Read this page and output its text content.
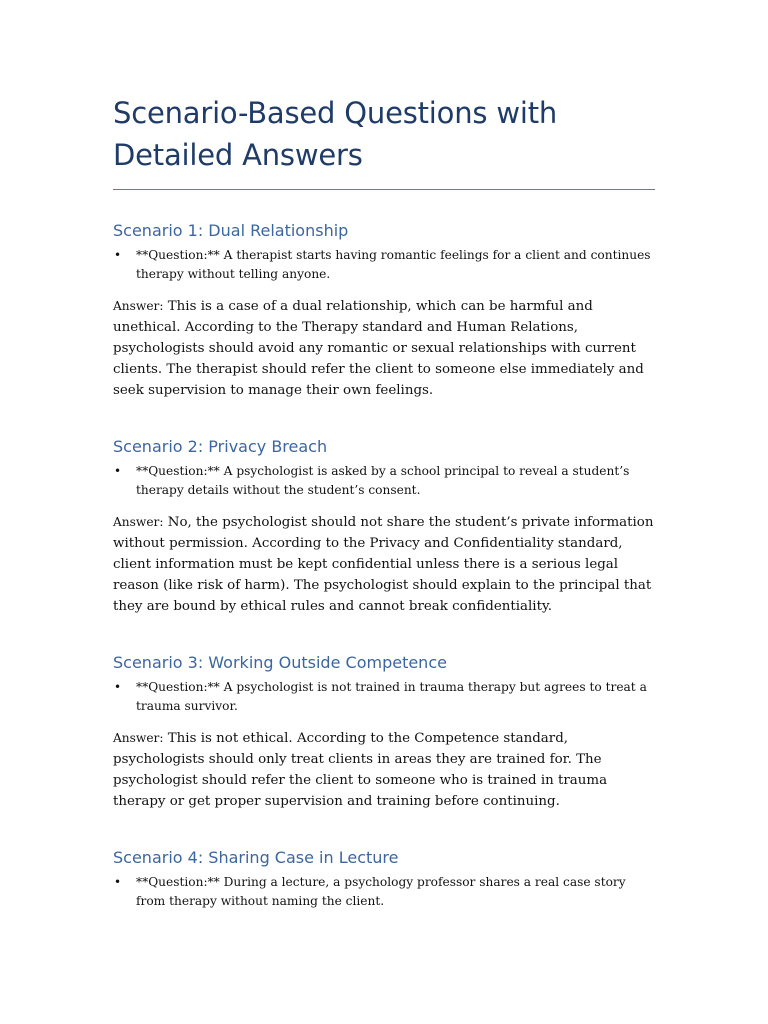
Scenario-Based Questions with Detailed Answers
Scenario 1: Dual Relationship
• **Question:** A therapist starts having romantic feelings for a client and continues therapy without telling anyone.

Answer: This is a case of a dual relationship, which can be harmful and unethical. According to the Therapy standard and Human Relations, psychologists should avoid any romantic or sexual relationships with current clients. The therapist should refer the client to someone else immediately and seek supervision to manage their own feelings.

Scenario 2: Privacy Breach
• **Question:** A psychologist is asked by a school principal to reveal a student’s therapy details without the student’s consent.

Answer: No, the psychologist should not share the student’s private information without permission. According to the Privacy and Confidentiality standard, client information must be kept confidential unless there is a serious legal reason (like risk of harm). The psychologist should explain to the principal that they are bound by ethical rules and cannot break confidentiality.

Scenario 3: Working Outside Competence
• **Question:** A psychologist is not trained in trauma therapy but agrees to treat a trauma survivor.

Answer: This is not ethical. According to the Competence standard, psychologists should only treat clients in areas they are trained for. The psychologist should refer the client to someone who is trained in trauma therapy or get proper supervision and training before continuing.

Scenario 4: Sharing Case in Lecture
• **Question:** During a lecture, a psychology professor shares a real case story from therapy without naming the client.
